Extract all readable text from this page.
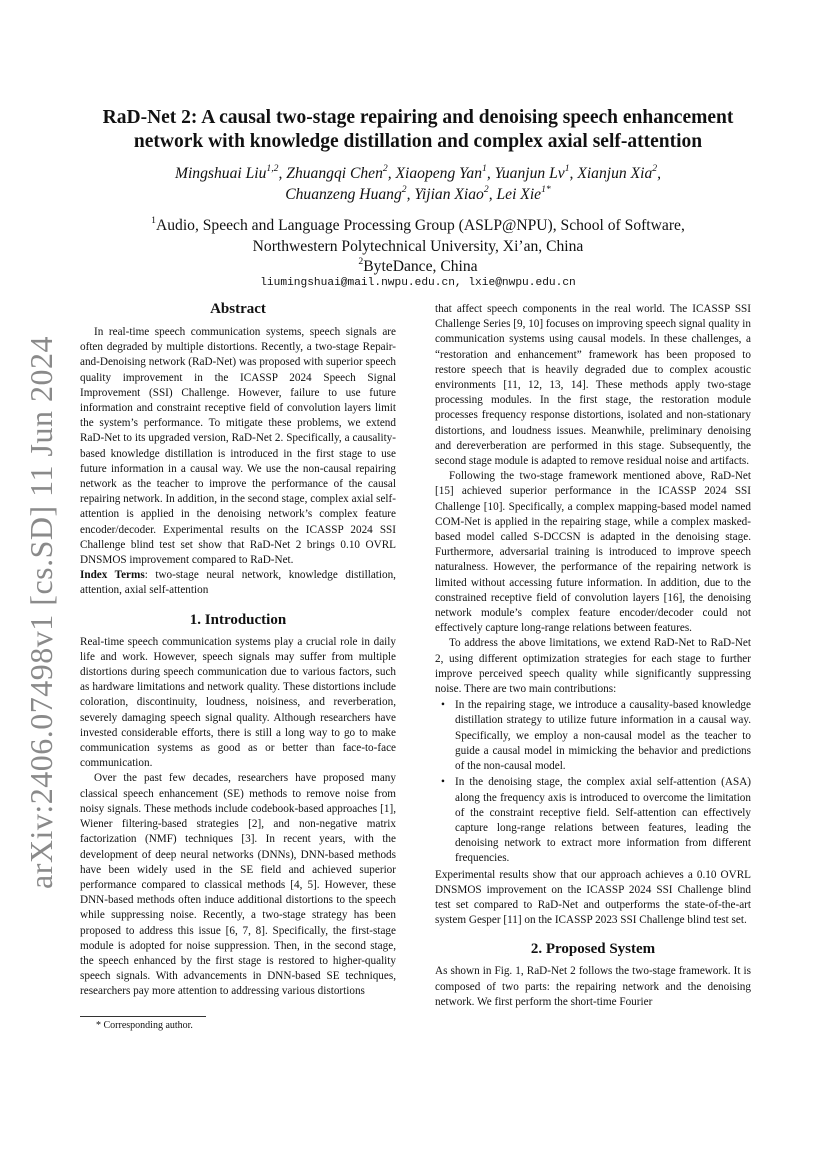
arXiv:2406.07498v1 [cs.SD] 11 Jun 2024
RaD-Net 2: A causal two-stage repairing and denoising speech enhancement network with knowledge distillation and complex axial self-attention
Mingshuai Liu$^{1,2}$, Zhuangqi Chen$^2$, Xiaopeng Yan$^1$, Yuanjun Lv$^1$, Xianjun Xia$^2$,
Chuanzeng Huang$^2$, Yijian Xiao$^2$, Lei Xie$^{1*}$
$^1$Audio, Speech and Language Processing Group (ASLP@NPU), School of Software,
Northwestern Polytechnical University, Xi’an, China
$^2$ByteDance, China
liumingshuai@mail.nwpu.edu.cn, lxie@nwpu.edu.cn
Abstract

In real-time speech communication systems, speech signals are often degraded by multiple distortions. Recently, a two-stage Repair-and-Denoising network (RaD-Net) was proposed with superior speech quality improvement in the ICASSP 2024 Speech Signal Improvement (SSI) Challenge. However, failure to use future information and constraint receptive field of convolution layers limit the system’s performance. To mitigate these problems, we extend RaD-Net to its upgraded version, RaD-Net 2. Specifically, a causality-based knowledge distillation is introduced in the first stage to use future information in a causal way. We use the non-causal repairing network as the teacher to improve the performance of the causal repairing network. In addition, in the second stage, complex axial self-attention is applied in the denoising network’s complex feature encoder/decoder. Experimental results on the ICASSP 2024 SSI Challenge blind test set show that RaD-Net 2 brings 0.10 OVRL DNSMOS improvement compared to RaD-Net.

Index Terms: two-stage neural network, knowledge distillation, attention, axial self-attention

1. Introduction

Real-time speech communication systems play a crucial role in daily life and work. However, speech signals may suffer from multiple distortions during speech communication due to various factors, such as hardware limitations and network quality. These distortions include coloration, discontinuity, loudness, noisiness, and reverberation, severely damaging speech signal quality. Although researchers have invested considerable efforts, there is still a long way to go to make communication systems as good as or better than face-to-face communication.

Over the past few decades, researchers have proposed many classical speech enhancement (SE) methods to remove noise from noisy signals. These methods include codebook-based approaches [1], Wiener filtering-based strategies [2], and non-negative matrix factorization (NMF) techniques [3]. In recent years, with the development of deep neural networks (DNNs), DNN-based methods have been widely used in the SE field and achieved superior performance compared to classical methods [4, 5]. However, these DNN-based methods often induce additional distortions to the speech while suppressing noise. Recently, a two-stage strategy has been proposed to address this issue [6, 7, 8]. Specifically, the first-stage module is adopted for noise suppression. Then, in the second stage, the speech enhanced by the first stage is restored to higher-quality speech signals. With advancements in DNN-based SE techniques, researchers pay more attention to addressing various distortions

* Corresponding author.

that affect speech components in the real world. The ICASSP SSI Challenge Series [9, 10] focuses on improving speech signal quality in communication systems using causal models. In these challenges, a “restoration and enhancement” framework has been proposed to restore speech that is heavily degraded due to complex acoustic environments [11, 12, 13, 14]. These methods apply two-stage processing modules. In the first stage, the restoration module processes frequency response distortions, isolated and non-stationary distortions, and loudness issues. Meanwhile, preliminary denoising and dereverberation are performed in this stage. Subsequently, the second stage module is adapted to remove residual noise and artifacts.

Following the two-stage framework mentioned above, RaD-Net [15] achieved superior performance in the ICASSP 2024 SSI Challenge [10]. Specifically, a complex mapping-based model named COM-Net is applied in the repairing stage, while a complex masked-based model called S-DCCSN is adapted in the denoising stage. Furthermore, adversarial training is introduced to improve speech naturalness. However, the performance of the repairing network is limited without accessing future information. In addition, due to the constrained receptive field of convolution layers [16], the denoising network module’s complex feature encoder/decoder could not effectively capture long-range relations between features.

To address the above limitations, we extend RaD-Net to RaD-Net 2, using different optimization strategies for each stage to further improve perceived speech quality while significantly suppressing noise. There are two main contributions:

• In the repairing stage, we introduce a causality-based knowledge distillation strategy to utilize future information in a causal way. Specifically, we employ a non-causal model as the teacher to guide a causal model in mimicking the behavior and predictions of the non-causal model.
• In the denoising stage, the complex axial self-attention (ASA) along the frequency axis is introduced to overcome the limitation of the constraint receptive field. Self-attention can effectively capture long-range relations between features, leading the denoising network to extract more information from different frequencies.

Experimental results show that our approach achieves a 0.10 OVRL DNSMOS improvement on the ICASSP 2024 SSI Challenge blind test set compared to RaD-Net and outperforms the state-of-the-art system Gesper [11] on the ICASSP 2023 SSI Challenge blind test set.

2. Proposed System

As shown in Fig. 1, RaD-Net 2 follows the two-stage framework. It is composed of two parts: the repairing network and the denoising network. We first perform the short-time Fourier
